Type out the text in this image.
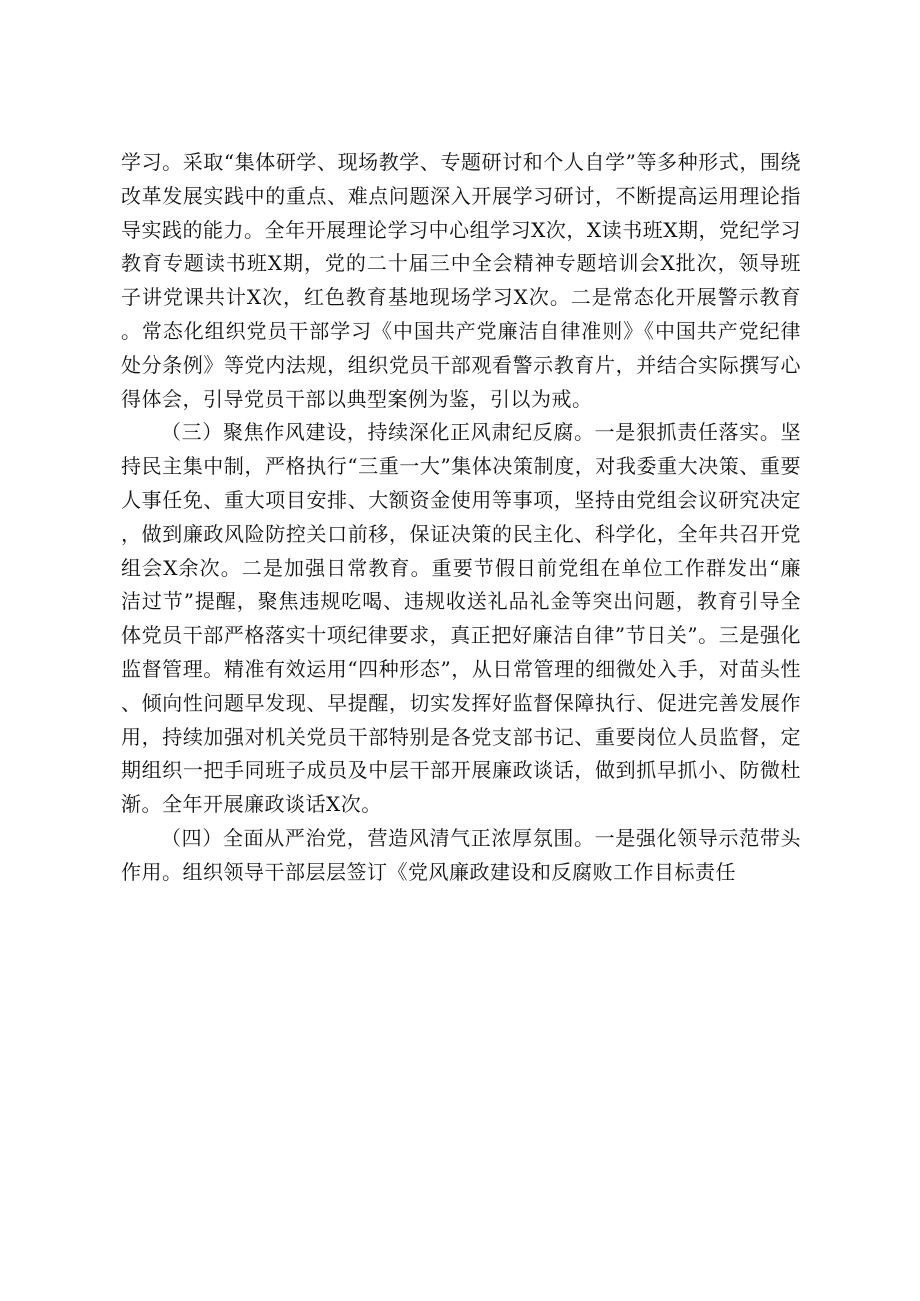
学习。采取“集体研学、现场教学、专题研讨和个人自学”等多种形式，围绕改革发展实践中的重点、难点问题深入开展学习研讨，不断提高运用理论指导实践的能力。全年开展理论学习中心组学习X次，X读书班X期，党纪学习教育专题读书班X期，党的二十届三中全会精神专题培训会X批次，领导班子讲党课共计X次，红色教育基地现场学习X次。二是常态化开展警示教育。常态化组织党员干部学习《中国共产党廉洁自律准则》《中国共产党纪律处分条例》等党内法规，组织党员干部观看警示教育片，并结合实际撰写心得体会，引导党员干部以典型案例为鉴，引以为戒。

（三）聚焦作风建设，持续深化正风肃纪反腐。一是狠抓责任落实。坚持民主集中制，严格执行“三重一大”集体决策制度，对我委重大决策、重要人事任免、重大项目安排、大额资金使用等事项，坚持由党组会议研究决定，做到廉政风险防控关口前移，保证决策的民主化、科学化，全年共召开党组会X余次。二是加强日常教育。重要节假日前党组在单位工作群发出“廉洁过节”提醒，聚焦违规吃喝、违规收送礼品礼金等突出问题，教育引导全体党员干部严格落实十项纪律要求，真正把好廉洁自律”节日关”。三是强化监督管理。精准有效运用“四种形态”，从日常管理的细微处入手，对苗头性、倾向性问题早发现、早提醒，切实发挥好监督保障执行、促进完善发展作用，持续加强对机关党员干部特别是各党支部书记、重要岗位人员监督，定期组织一把手同班子成员及中层干部开展廉政谈话，做到抓早抓小、防微杜渐。全年开展廉政谈话X次。

（四）全面从严治党，营造风清气正浓厚氛围。一是强化领导示范带头作用。组织领导干部层层签订《党风廉政建设和反腐败工作目标责任
